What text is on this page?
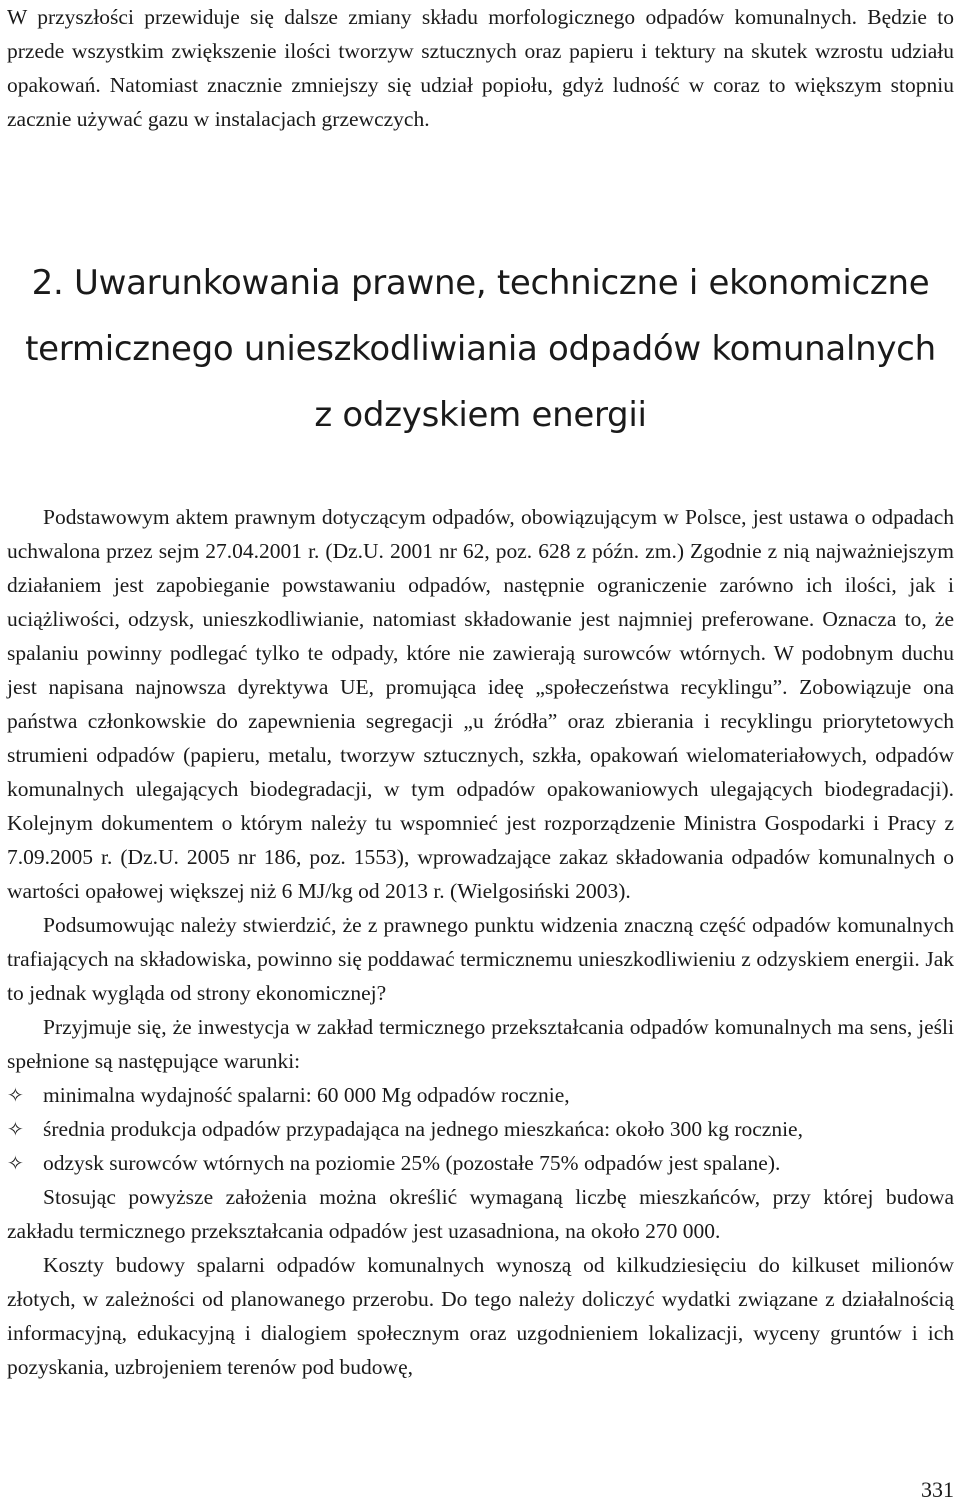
W przyszłości przewiduje się dalsze zmiany składu morfologicznego odpadów komunalnych. Będzie to przede wszystkim zwiększenie ilości tworzyw sztucznych oraz papieru i tektury na skutek wzrostu udziału opakowań. Natomiast znacznie zmniejszy się udział popiołu, gdyż ludność w coraz to większym stopniu zacznie używać gazu w instalacjach grzewczych.

2. Uwarunkowania prawne, techniczne i ekonomiczne
termicznego unieszkodliwiania odpadów komunalnych
z odzyskiem energii

Podstawowym aktem prawnym dotyczącym odpadów, obowiązującym w Polsce, jest ustawa o odpadach uchwalona przez sejm 27.04.2001 r. (Dz.U. 2001 nr 62, poz. 628 z późn. zm.) Zgodnie z nią najważniejszym działaniem jest zapobieganie powstawaniu odpadów, następnie ograniczenie zarówno ich ilości, jak i uciążliwości, odzysk, unieszkodliwianie, natomiast składowanie jest najmniej preferowane. Oznacza to, że spalaniu powinny podlegać tylko te odpady, które nie zawierają surowców wtórnych. W podobnym duchu jest napisana najnowsza dyrektywa UE, promująca ideę „społeczeństwa recyklingu”. Zobowiązuje ona państwa członkowskie do zapewnienia segregacji „u źródła” oraz zbierania i recyklingu priorytetowych strumieni odpadów (papieru, metalu, tworzyw sztucznych, szkła, opakowań wielomateriałowych, odpadów komunalnych ulegających biodegradacji, w tym odpadów opakowaniowych ulegających biodegradacji). Kolejnym dokumentem o którym należy tu wspomnieć jest rozporządzenie Ministra Gospodarki i Pracy z 7.09.2005 r. (Dz.U. 2005 nr 186, poz. 1553), wprowadzające zakaz składowania odpadów komunalnych o wartości opałowej większej niż 6 MJ/kg od 2013 r. (Wielgosiński 2003).

Podsumowując należy stwierdzić, że z prawnego punktu widzenia znaczną część odpadów komunalnych trafiających na składowiska, powinno się poddawać termicznemu unieszkodliwieniu z odzyskiem energii. Jak to jednak wygląda od strony ekonomicznej?

Przyjmuje się, że inwestycja w zakład termicznego przekształcania odpadów komunalnych ma sens, jeśli spełnione są następujące warunki:

✧ minimalna wydajność spalarni: 60 000 Mg odpadów rocznie,
✧ średnia produkcja odpadów przypadająca na jednego mieszkańca: około 300 kg rocznie,
✧ odzysk surowców wtórnych na poziomie 25% (pozostałe 75% odpadów jest spalane).

Stosując powyższe założenia można określić wymaganą liczbę mieszkańców, przy której budowa zakładu termicznego przekształcania odpadów jest uzasadniona, na około 270 000.

Koszty budowy spalarni odpadów komunalnych wynoszą od kilkudziesięciu do kilkuset milionów złotych, w zależności od planowanego przerobu. Do tego należy doliczyć wydatki związane z działalnością informacyjną, edukacyjną i dialogiem społecznym oraz uzgodnieniem lokalizacji, wyceny gruntów i ich pozyskania, uzbrojeniem terenów pod budowę,

331
